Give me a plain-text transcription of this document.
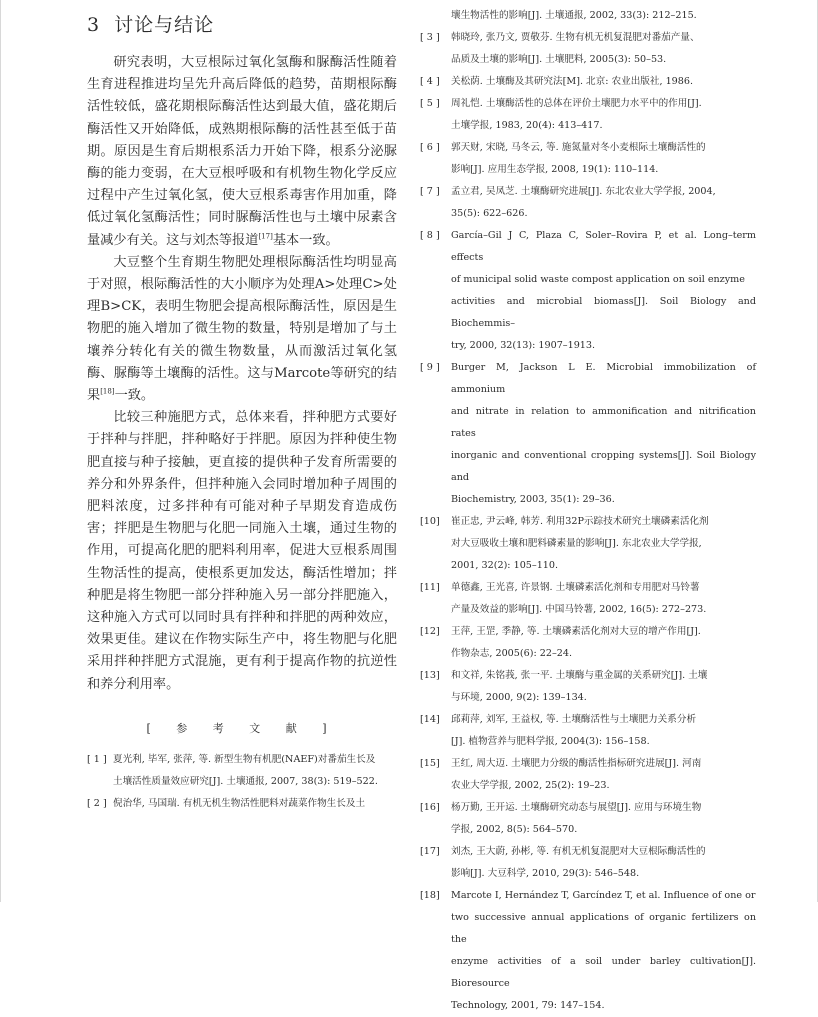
3 讨论与结论

研究表明，大豆根际过氧化氢酶和脲酶活性随着生育进程推进均呈先升高后降低的趋势，苗期根际酶活性较低，盛花期根际酶活性达到最大值，盛花期后酶活性又开始降低，成熟期根际酶的活性甚至低于苗期。原因是生育后期根系活力开始下降，根系分泌脲酶的能力变弱，在大豆根呼吸和有机物生物化学反应过程中产生过氧化氢，使大豆根系毒害作用加重，降低过氧化氢酶活性；同时脲酶活性也与土壤中尿素含量减少有关。这与刘杰等报道[17]基本一致。

大豆整个生育期生物肥处理根际酶活性均明显高于对照，根际酶活性的大小顺序为处理A>处理C>处理B>CK，表明生物肥会提高根际酶活性，原因是生物肥的施入增加了微生物的数量，特别是增加了与土壤养分转化有关的微生物数量，从而激活过氧化氢酶、脲酶等土壤酶的活性。这与Marcote等研究的结果[18]一致。

比较三种施肥方式，总体来看，拌种肥方式要好于拌种与拌肥，拌种略好于拌肥。原因为拌种使生物肥直接与种子接触，更直接的提供种子发育所需要的养分和外界条件，但拌种施入会同时增加种子周围的肥料浓度，过多拌种有可能对种子早期发育造成伤害；拌肥是生物肥与化肥一同施入土壤，通过生物的作用，可提高化肥的肥料利用率，促进大豆根系周围生物活性的提高，使根系更加发达，酶活性增加；拌种肥是将生物肥一部分拌种施入另一部分拌肥施入，这种施入方式可以同时具有拌种和拌肥的两种效应，效果更佳。建议在作物实际生产中，将生物肥与化肥采用拌种拌肥方式混施，更有利于提高作物的抗逆性和养分利用率。

[ 参 考 文 献 ]
[ 1 ] 夏光利, 毕军, 张萍, 等. 新型生物有机肥(NAEF)对番茄生长及
土壤活性质量效应研究[J]. 土壤通报, 2007, 38(3): 519–522.
[ 2 ] 倪治华, 马国瑞. 有机无机生物活性肥料对蔬菜作物生长及土
壤生物活性的影响[J]. 土壤通报, 2002, 33(3): 212–215.
[ 3 ]	韩晓玲, 张乃文, 贾敬芬. 生物有机无机复混肥对番茄产量、
品质及土壤的影响[J]. 土壤肥料, 2005(3): 50–53.
[ 4 ]	关松荫. 土壤酶及其研究法[M]. 北京: 农业出版社, 1986.
[ 5 ]	周礼恺. 土壤酶活性的总体在评价土壤肥力水平中的作用[J].
土壤学报, 1983, 20(4): 413–417.
[ 6 ]	郭天财, 宋晓, 马冬云, 等. 施氮量对冬小麦根际土壤酶活性的
影响[J]. 应用生态学报, 2008, 19(1): 110–114.
[ 7 ]	孟立君, 吴凤芝. 土壤酶研究进展[J]. 东北农业大学学报, 2004,
35(5): 622–626.
[ 8 ]	García–Gil J C, Plaza C, Soler–Rovira P, et al. Long–term effects
of municipal solid waste compost application on soil enzyme
activities and microbial biomass[J]. Soil Biology and Biochemmis–
try, 2000, 32(13): 1907–1913.
[ 9 ]	Burger M, Jackson L E. Microbial immobilization of ammonium
and nitrate in relation to ammonification and nitrification rates
inorganic and conventional cropping systems[J]. Soil Biology and
Biochemistry, 2003, 35(1): 29–36.
[10]	崔正忠, 尹云峰, 韩芳. 利用32P示踪技术研究土壤磷素活化剂
对大豆吸收土壤和肥料磷素量的影响[J]. 东北农业大学学报,
2001, 32(2): 105–110.
[11]	单德鑫, 王光喜, 许景钢. 土壤磷素活化剂和专用肥对马铃薯
产量及效益的影响[J]. 中国马铃薯, 2002, 16(5): 272–273.
[12]	王萍, 王罡, 季静, 等. 土壤磷素活化剂对大豆的增产作用[J].
作物杂志, 2005(6): 22–24.
[13]	和文祥, 朱铭莪, 张一平. 土壤酶与重金属的关系研究[J]. 土壤
与环境, 2000, 9(2): 139–134.
[14]	邱莉萍, 刘军, 王益权, 等. 土壤酶活性与土壤肥力关系分析
[J]. 植物营养与肥料学报, 2004(3): 156–158.
[15]	王红, 周大迈. 土壤肥力分级的酶活性指标研究进展[J]. 河南
农业大学学报, 2002, 25(2): 19–23.
[16]	杨万勤, 王开运. 土壤酶研究动态与展望[J]. 应用与环境生物
学报, 2002, 8(5): 564–570.
[17]	刘杰, 王大蔚, 孙彬, 等. 有机无机复混肥对大豆根际酶活性的
影响[J]. 大豆科学, 2010, 29(3): 546–548.
[18]	Marcote I, Hernández T, Garcíndez T, et al. Influence of one or
two successive annual applications of organic fertilizers on the
enzyme activities of a soil under barley cultivation[J]. Bioresource
Technology, 2001, 79: 147–154.
